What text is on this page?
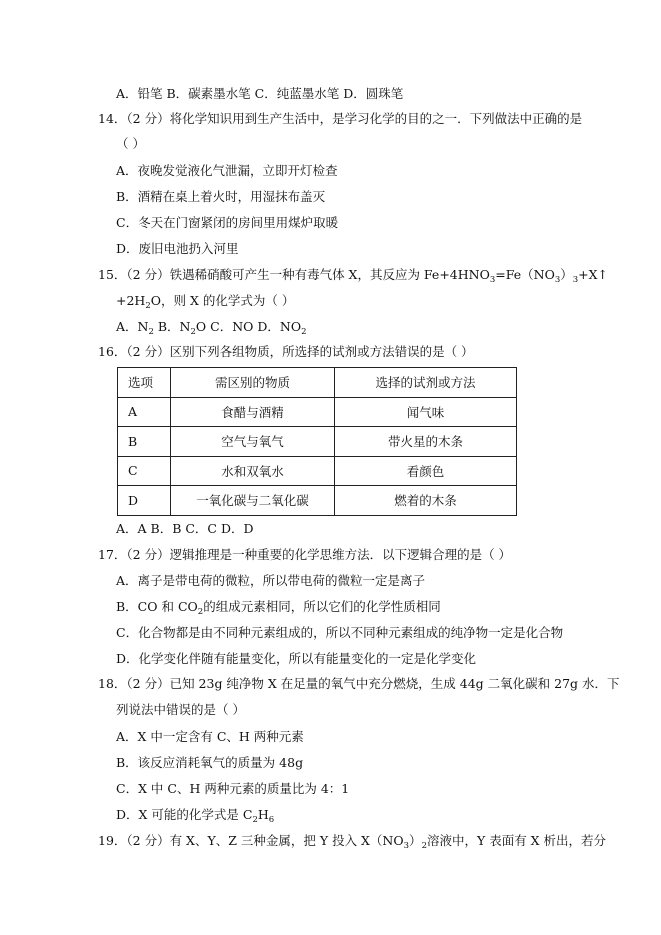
A．铅笔 B．碳素墨水笔 C．纯蓝墨水笔 D．圆珠笔
14．（2 分）将化学知识用到生产生活中，是学习化学的目的之一．下列做法中正确的是
（ ）
A．夜晚发觉液化气泄漏，立即开灯检查
B．酒精在桌上着火时，用湿抹布盖灭
C．冬天在门窗紧闭的房间里用煤炉取暖
D．废旧电池扔入河里
15．（2 分）铁遇稀硝酸可产生一种有毒气体 X，其反应为 $Fe+4HNO_3=Fe(NO_3)_3+X↑$
$+2H_2O$，则 X 的化学式为（ ）
A．$N_2$ B．$N_2O$ C．NO D．$NO_2$
16．（2 分）区别下列各组物质，所选择的试剂或方法错误的是（ ）
选项	需区别的物质	选择的试剂或方法
A	食醋与酒精	闻气味
B	空气与氧气	带火星的木条
C	水和双氧水	看颜色
D	一氧化碳与二氧化碳	燃着的木条
A．A B．B C．C D．D
17．（2 分）逻辑推理是一种重要的化学思维方法．以下逻辑合理的是（ ）
A．离子是带电荷的微粒，所以带电荷的微粒一定是离子
B．CO 和 $CO_2$的组成元素相同，所以它们的化学性质相同
C．化合物都是由不同种元素组成的，所以不同种元素组成的纯净物一定是化合物
D．化学变化伴随有能量变化，所以有能量变化的一定是化学变化
18．（2 分）已知 23g 纯净物 X 在足量的氧气中充分燃烧，生成 44g 二氧化碳和 27g 水．下
列说法中错误的是（ ）
A．X 中一定含有 C、H 两种元素
B．该反应消耗氧气的质量为 48g
C．X 中 C、H 两种元素的质量比为 4：1
D．X 可能的化学式是 $C_2H_6$
19．（2 分）有 X、Y、Z 三种金属，把 Y 投入 $X(NO_3)_2$溶液中，Y 表面有 X 析出，若分
